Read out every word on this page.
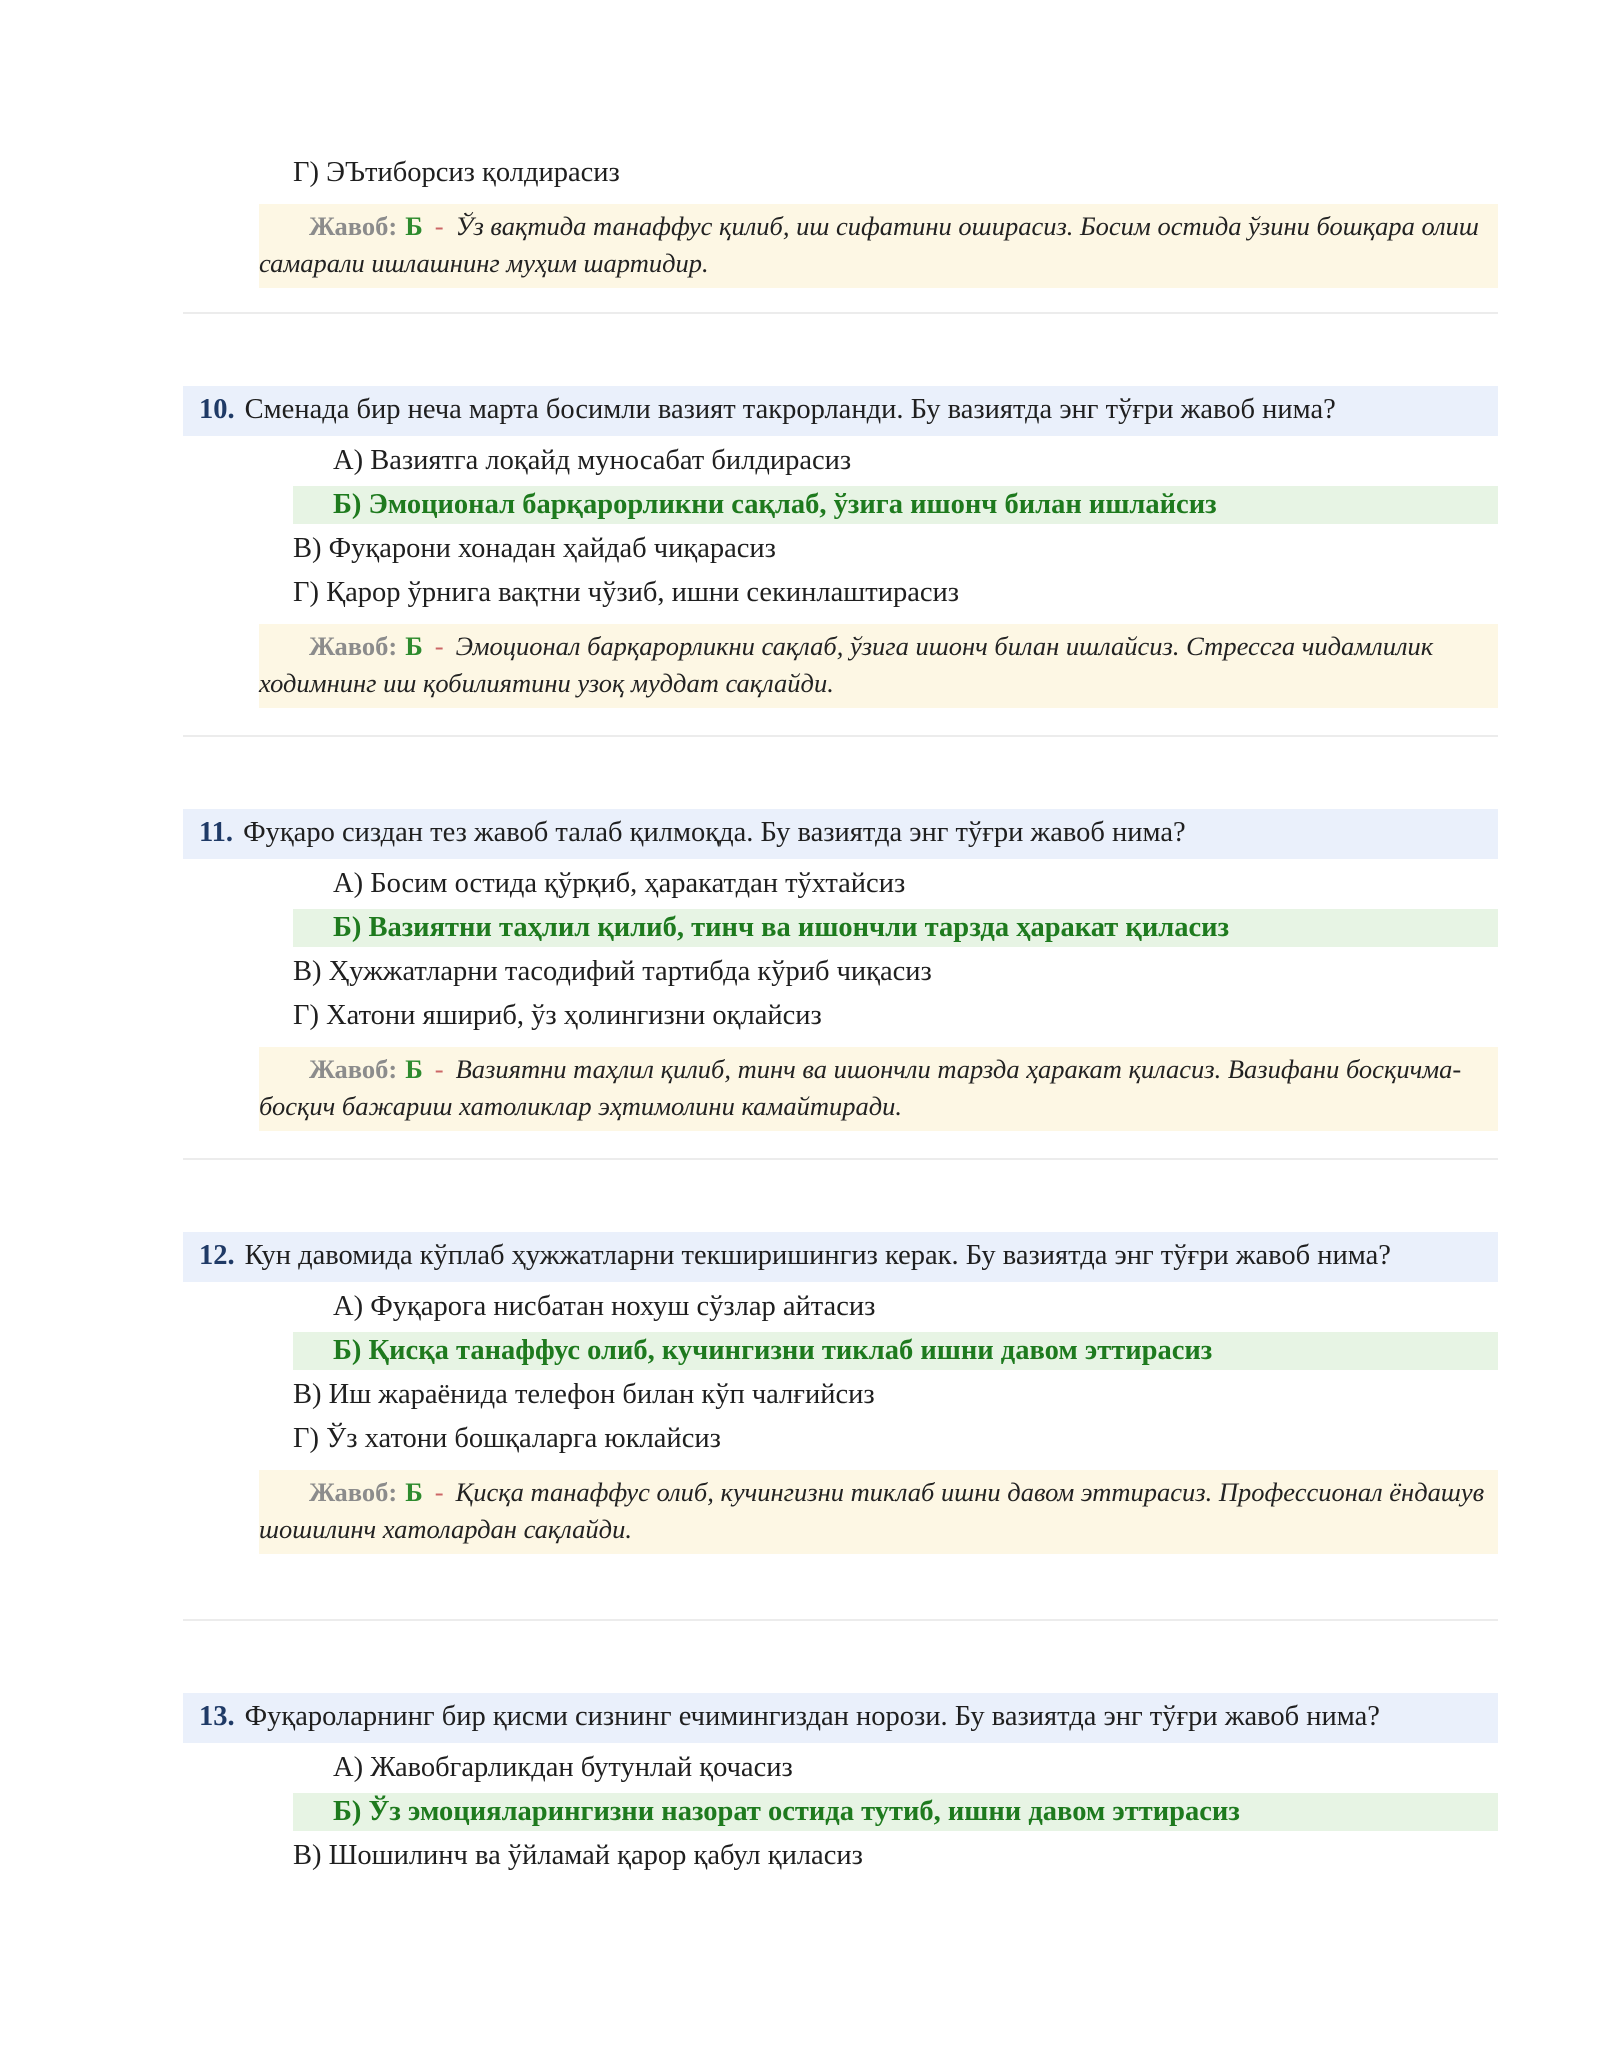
Г) ЭЪтиборсиз қолдирасиз
Жавоб: Б - Ўз вақтида танаффус қилиб, иш сифатини оширасиз. Босим остида ўзини бошқара олиш самарали ишлашнинг муҳим шартидир.
10. Сменада бир неча марта босимли вазият такрорланди. Бу вазиятда энг тўғри жавоб нима?
А) Вазиятга лоқайд муносабат билдирасиз
Б) Эмоционал барқарорликни сақлаб, ўзига ишонч билан ишлайсиз
В) Фуқарони хонадан ҳайдаб чиқарасиз
Г) Қарор ўрнига вақтни чўзиб, ишни секинлаштирасиз
Жавоб: Б - Эмоционал барқарорликни сақлаб, ўзига ишонч билан ишлайсиз. Стрессга чидамлилик ходимнинг иш қобилиятини узоқ муддат сақлайди.
11. Фуқаро сиздан тез жавоб талаб қилмоқда. Бу вазиятда энг тўғри жавоб нима?
А) Босим остида қўрқиб, ҳаракатдан тўхтайсиз
Б) Вазиятни таҳлил қилиб, тинч ва ишончли тарзда ҳаракат қиласиз
В) Ҳужжатларни тасодифий тартибда кўриб чиқасиз
Г) Хатони яшириб, ўз ҳолингизни оқлайсиз
Жавоб: Б - Вазиятни таҳлил қилиб, тинч ва ишончли тарзда ҳаракат қиласиз. Вазифани босқичма-босқич бажариш хатоликлар эҳтимолини камайтиради.
12. Кун давомида кўплаб ҳужжатларни текширишингиз керак. Бу вазиятда энг тўғри жавоб нима?
А) Фуқарога нисбатан нохуш сўзлар айтасиз
Б) Қисқа танаффус олиб, кучингизни тиклаб ишни давом эттирасиз
В) Иш жараёнида телефон билан кўп чалғийсиз
Г) Ўз хатони бошқаларга юклайсиз
Жавоб: Б - Қисқа танаффус олиб, кучингизни тиклаб ишни давом эттирасиз. Профессионал ёндашув шошилинч хатолардан сақлайди.
13. Фуқароларнинг бир қисми сизнинг ечимингиздан норози. Бу вазиятда энг тўғри жавоб нима?
А) Жавобгарликдан бутунлай қочасиз
Б) Ўз эмоцияларингизни назорат остида тутиб, ишни давом эттирасиз
В) Шошилинч ва ўйламай қарор қабул қиласиз
